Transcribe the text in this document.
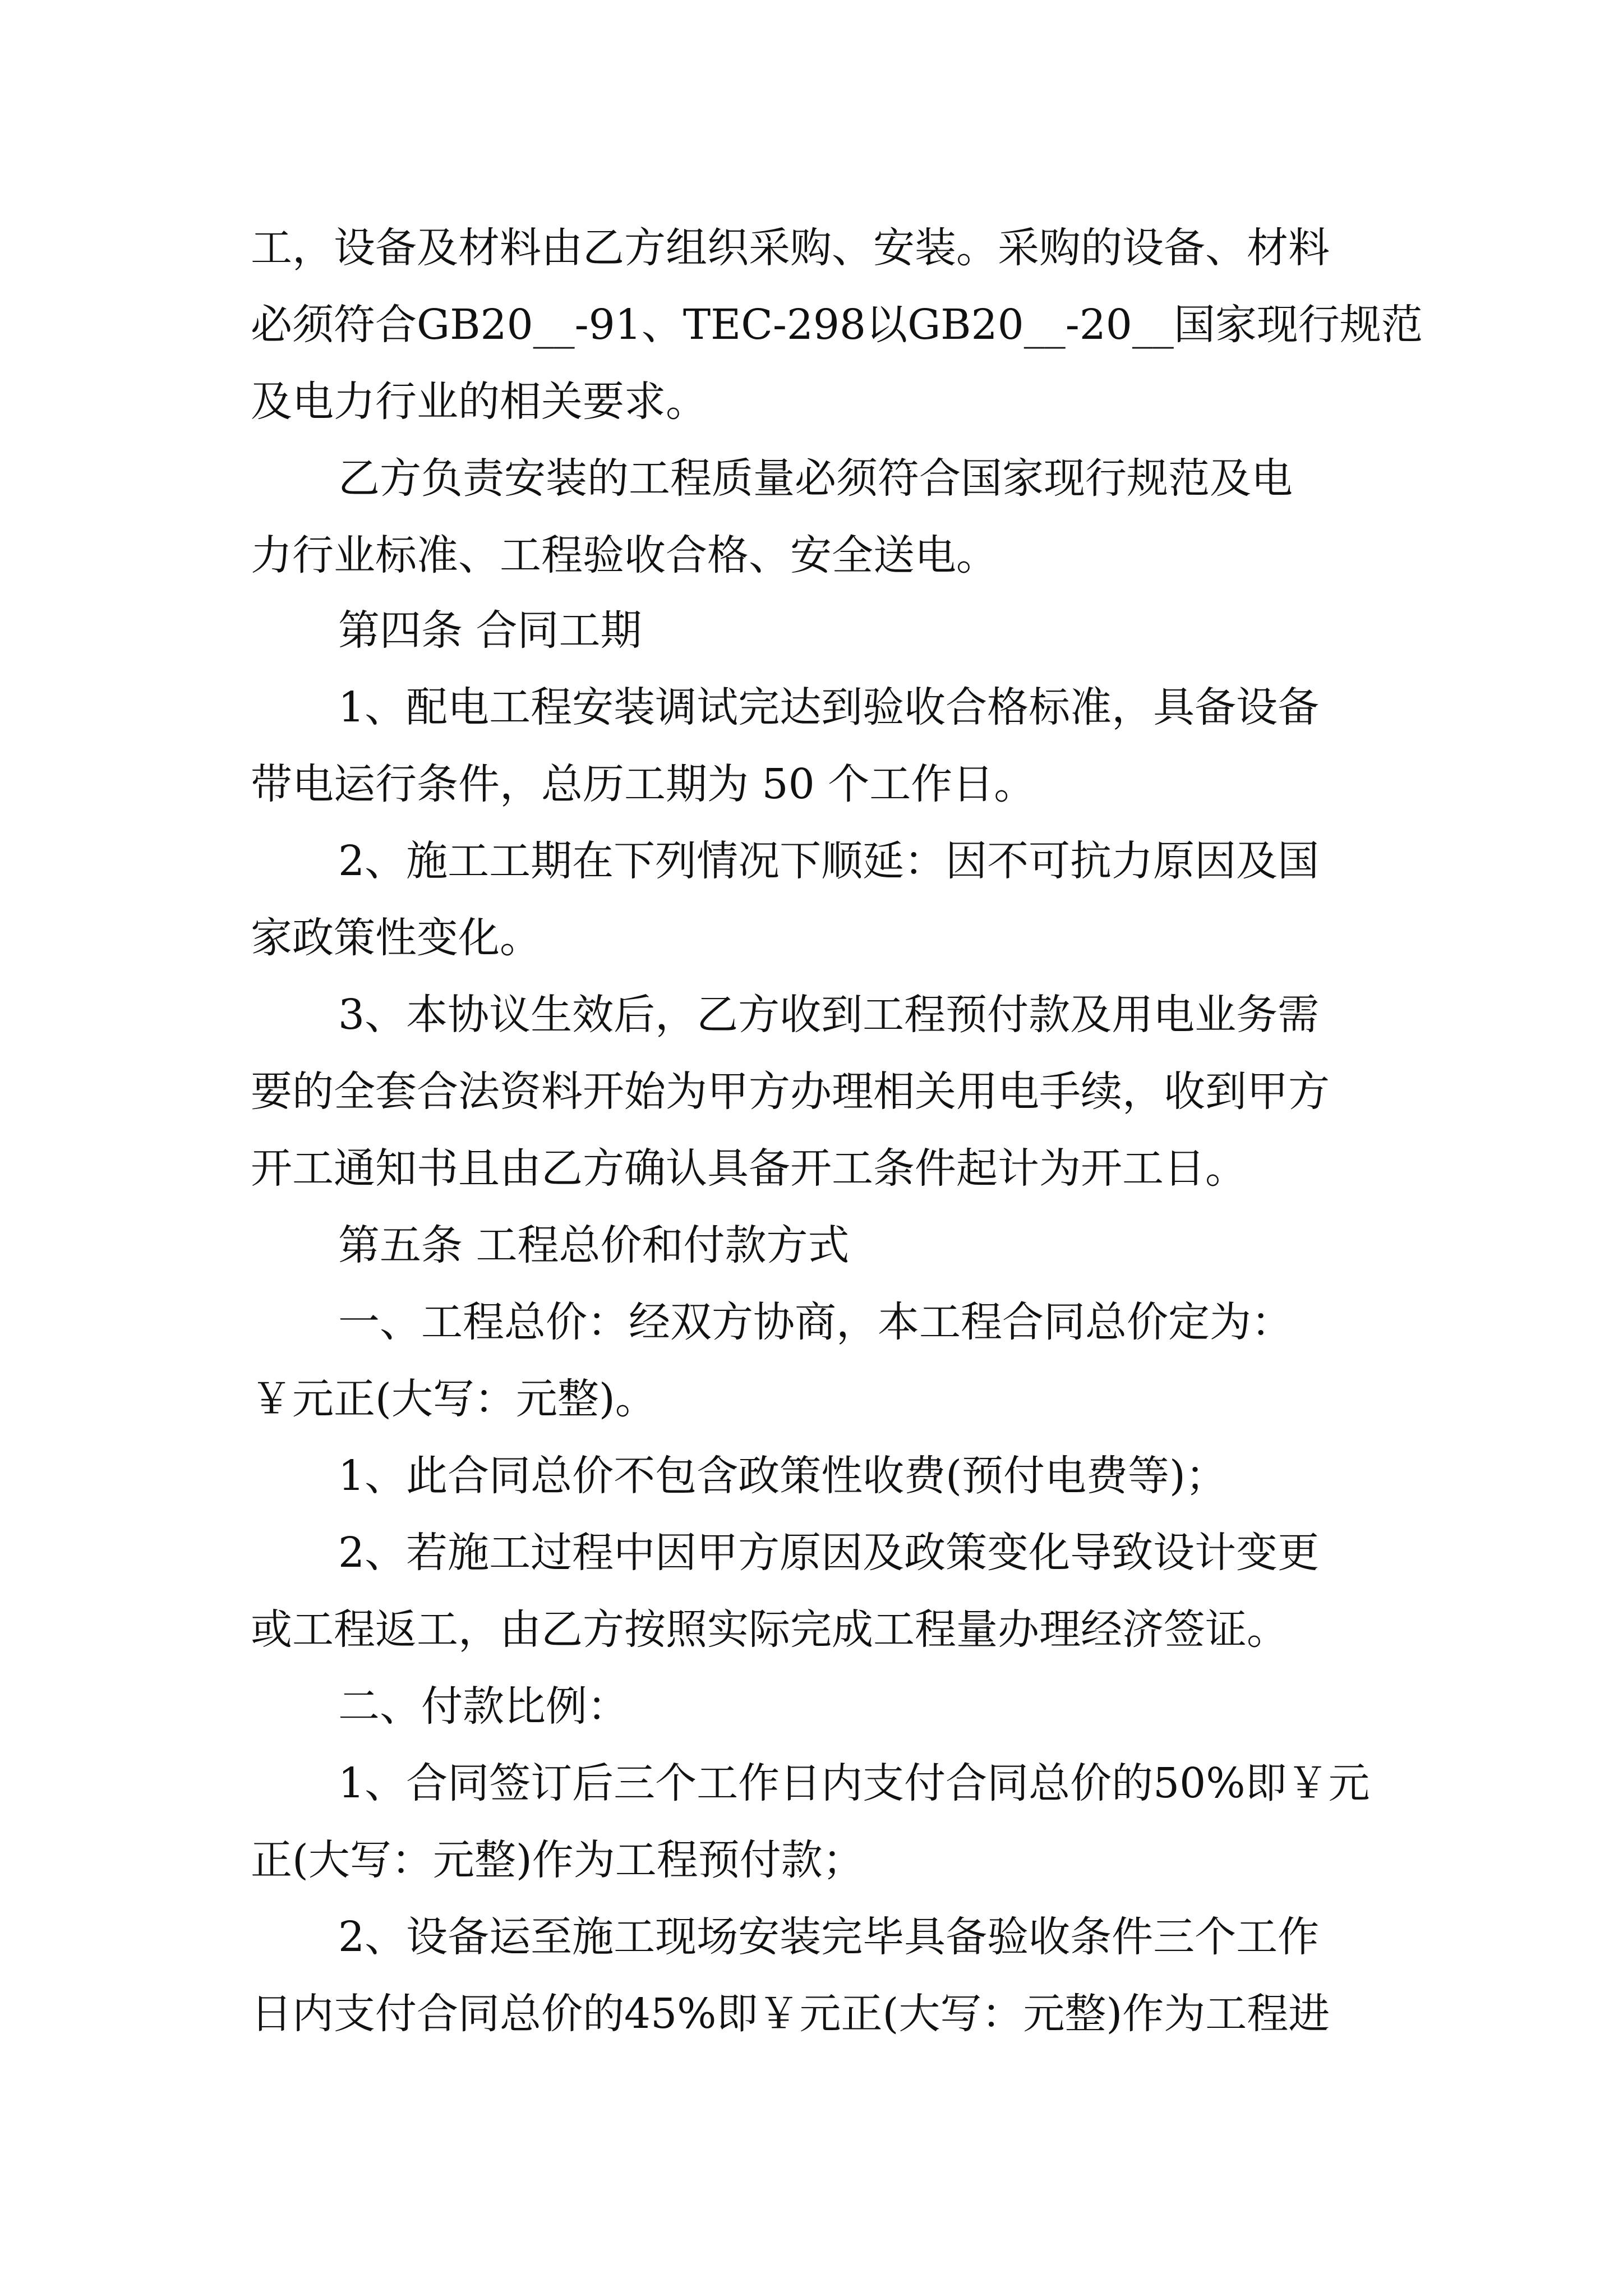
工，设备及材料由乙方组织采购、安装。采购的设备、材料
必须符合GB20__-91、TEC-298以GB20__-20__国家现行规范
及电力行业的相关要求。
乙方负责安装的工程质量必须符合国家现行规范及电
力行业标准、工程验收合格、安全送电。
第四条 合同工期
1、配电工程安装调试完达到验收合格标准，具备设备
带电运行条件，总历工期为 50 个工作日。
2、施工工期在下列情况下顺延：因不可抗力原因及国
家政策性变化。
3、本协议生效后，乙方收到工程预付款及用电业务需
要的全套合法资料开始为甲方办理相关用电手续，收到甲方
开工通知书且由乙方确认具备开工条件起计为开工日。
第五条 工程总价和付款方式
一、工程总价：经双方协商，本工程合同总价定为：
￥元正(大写：元整)。
1、此合同总价不包含政策性收费(预付电费等)；
2、若施工过程中因甲方原因及政策变化导致设计变更
或工程返工，由乙方按照实际完成工程量办理经济签证。
二、付款比例：
1、合同签订后三个工作日内支付合同总价的50%即￥元
正(大写：元整)作为工程预付款；
2、设备运至施工现场安装完毕具备验收条件三个工作
日内支付合同总价的45%即￥元正(大写：元整)作为工程进
